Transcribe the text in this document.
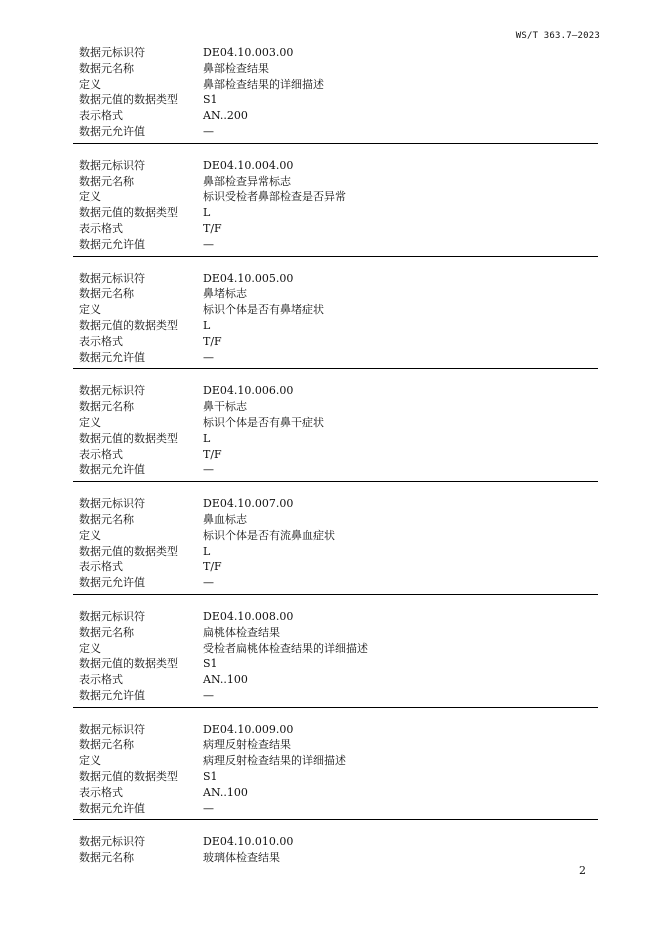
WS/T 363.7—2023
数据元标识符	DE04.10.003.00
数据元名称	鼻部检查结果
定义	鼻部检查结果的详细描述
数据元值的数据类型	S1
表示格式	AN..200
数据元允许值	—
数据元标识符	DE04.10.004.00
数据元名称	鼻部检查异常标志
定义	标识受检者鼻部检查是否异常
数据元值的数据类型	L
表示格式	T/F
数据元允许值	—
数据元标识符	DE04.10.005.00
数据元名称	鼻堵标志
定义	标识个体是否有鼻堵症状
数据元值的数据类型	L
表示格式	T/F
数据元允许值	—
数据元标识符	DE04.10.006.00
数据元名称	鼻干标志
定义	标识个体是否有鼻干症状
数据元值的数据类型	L
表示格式	T/F
数据元允许值	—
数据元标识符	DE04.10.007.00
数据元名称	鼻血标志
定义	标识个体是否有流鼻血症状
数据元值的数据类型	L
表示格式	T/F
数据元允许值	—
数据元标识符	DE04.10.008.00
数据元名称	扁桃体检查结果
定义	受检者扁桃体检查结果的详细描述
数据元值的数据类型	S1
表示格式	AN..100
数据元允许值	—
数据元标识符	DE04.10.009.00
数据元名称	病理反射检查结果
定义	病理反射检查结果的详细描述
数据元值的数据类型	S1
表示格式	AN..100
数据元允许值	—
数据元标识符	DE04.10.010.00
数据元名称	玻璃体检查结果
2
